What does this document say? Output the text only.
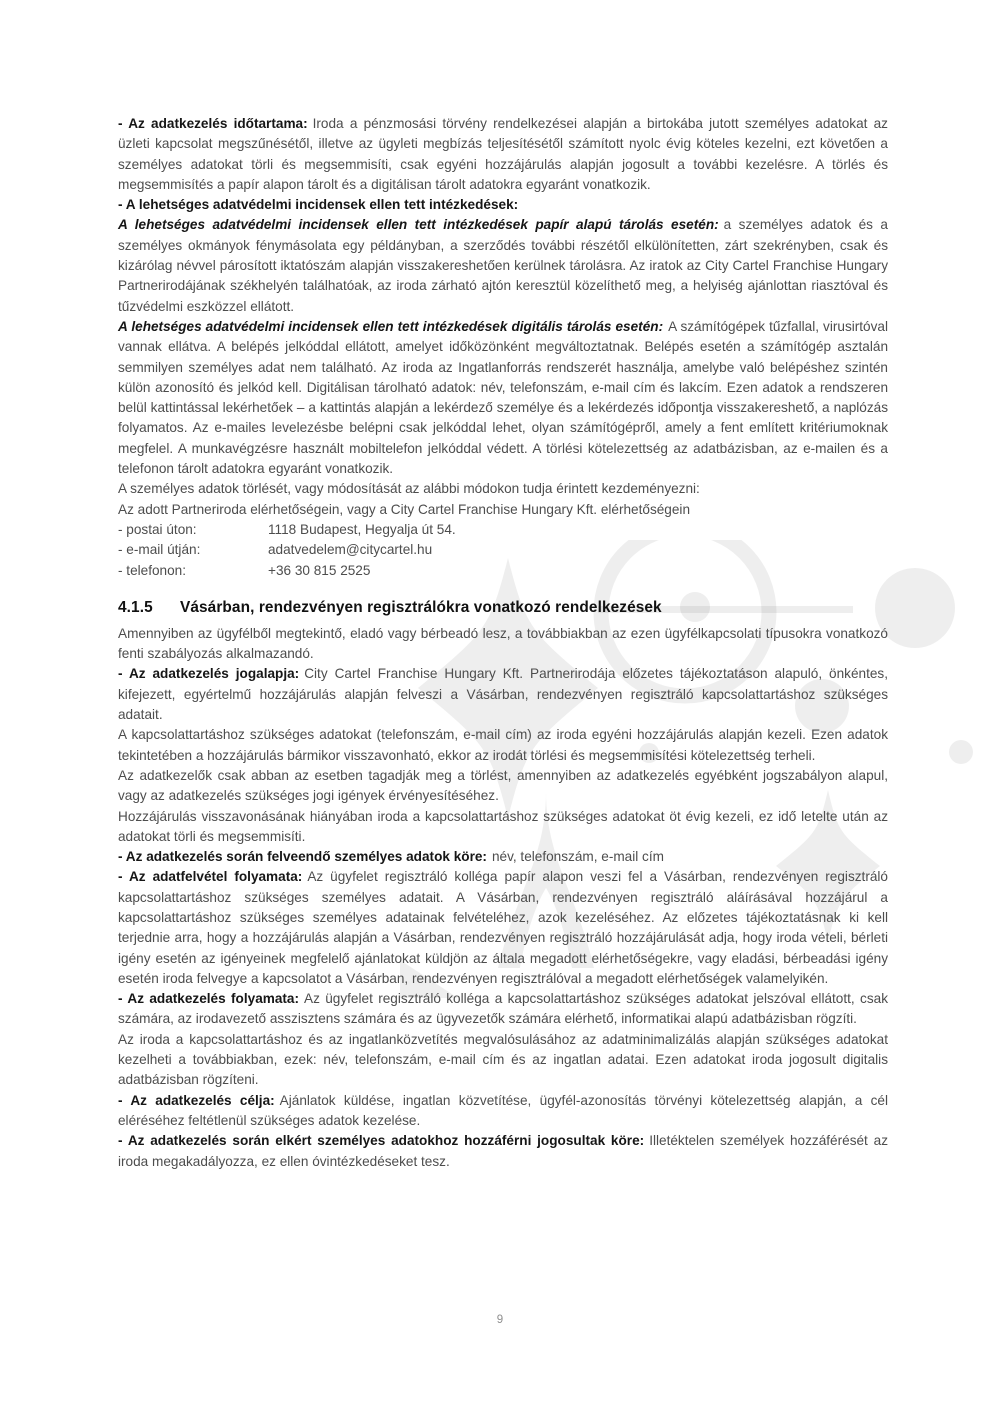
- Az adatkezelés időtartama: Iroda a pénzmosási törvény rendelkezései alapján a birtokába jutott személyes adatokat az üzleti kapcsolat megszűnésétől, illetve az ügyleti megbízás teljesítésétől számított nyolc évig köteles kezelni, ezt követően a személyes adatokat törli és megsemmisíti, csak egyéni hozzájárulás alapján jogosult a további kezelésre. A törlés és megsemmisítés a papír alapon tárolt és a digitálisan tárolt adatokra egyaránt vonatkozik.

- A lehetséges adatvédelmi incidensek ellen tett intézkedések:

A lehetséges adatvédelmi incidensek ellen tett intézkedések papír alapú tárolás esetén: a személyes adatok és a személyes okmányok fénymásolata egy példányban, a szerződés további részétől elkülönítetten, zárt szekrényben, csak és kizárólag névvel párosított iktatószám alapján visszakereshetően kerülnek tárolásra. Az iratok az City Cartel Franchise Hungary Partnerirodájának székhelyén találhatóak, az iroda zárható ajtón keresztül közelíthető meg, a helyiség ajánlottan riasztóval és tűzvédelmi eszközzel ellátott.

A lehetséges adatvédelmi incidensek ellen tett intézkedések digitális tárolás esetén: A számítógépek tűzfallal, virusirtóval vannak ellátva. A belépés jelkóddal ellátott, amelyet időközönként megváltoztatnak. Belépés esetén a számítógép asztalán semmilyen személyes adat nem található. Az iroda az Ingatlanforrás rendszerét használja, amelybe való belépéshez szintén külön azonosító és jelkód kell. Digitálisan tárolható adatok: név, telefonszám, e-mail cím és lakcím. Ezen adatok a rendszeren belül kattintással lekérhetőek – a kattintás alapján a lekérdező személye és a lekérdezés időpontja visszakereshető, a naplózás folyamatos. Az e-mailes levelezésbe belépni csak jelkóddal lehet, olyan számítógépről, amely a fent említett kritériumoknak megfelel. A munkavégzésre használt mobiltelefon jelkóddal védett. A törlési kötelezettség az adatbázisban, az e-mailen és a telefonon tárolt adatokra egyaránt vonatkozik.

A személyes adatok törlését, vagy módosítását az alábbi módokon tudja érintett kezdeményezni:

Az adott Partneriroda elérhetőségein, vagy a City Cartel Franchise Hungary Kft. elérhetőségein

- postai úton:	1118 Budapest, Hegyalja út 54.
- e-mail útján:	adatvedelem@citycartel.hu
- telefonon:	+36 30 815 2525

4.1.5 Vásárban, rendezvényen regisztrálókra vonatkozó rendelkezések

Amennyiben az ügyfélből megtekintő, eladó vagy bérbeadó lesz, a továbbiakban az ezen ügyfélkapcsolati típusokra vonatkozó fenti szabályozás alkalmazandó.

- Az adatkezelés jogalapja: City Cartel Franchise Hungary Kft. Partnerirodája előzetes tájékoztatáson alapuló, önkéntes, kifejezett, egyértelmű hozzájárulás alapján felveszi a Vásárban, rendezvényen regisztráló kapcsolattartáshoz szükséges adatait.

A kapcsolattartáshoz szükséges adatokat (telefonszám, e-mail cím) az iroda egyéni hozzájárulás alapján kezeli. Ezen adatok tekintetében a hozzájárulás bármikor visszavonható, ekkor az irodát törlési és megsemmisítési kötelezettség terheli.

Az adatkezelők csak abban az esetben tagadják meg a törlést, amennyiben az adatkezelés egyébként jogszabályon alapul, vagy az adatkezelés szükséges jogi igények érvényesítéséhez.

Hozzájárulás visszavonásának hiányában iroda a kapcsolattartáshoz szükséges adatokat öt évig kezeli, ez idő letelte után az adatokat törli és megsemmisíti.

- Az adatkezelés során felveendő személyes adatok köre: név, telefonszám, e-mail cím

- Az adatfelvétel folyamata: Az ügyfelet regisztráló kolléga papír alapon veszi fel a Vásárban, rendezvényen regisztráló kapcsolattartáshoz szükséges személyes adatait. A Vásárban, rendezvényen regisztráló aláírásával hozzájárul a kapcsolattartáshoz szükséges személyes adatainak felvételéhez, azok kezeléséhez. Az előzetes tájékoztatásnak ki kell terjednie arra, hogy a hozzájárulás alapján a Vásárban, rendezvényen regisztráló hozzájárulását adja, hogy iroda vételi, bérleti igény esetén az igényeinek megfelelő ajánlatokat küldjön az általa megadott elérhetőségekre, vagy eladási, bérbeadási igény esetén iroda felvegye a kapcsolatot a Vásárban, rendezvényen regisztrálóval a megadott elérhetőségek valamelyikén.

- Az adatkezelés folyamata: Az ügyfelet regisztráló kolléga a kapcsolattartáshoz szükséges adatokat jelszóval ellátott, csak számára, az irodavezető asszisztens számára és az ügyvezetők számára elérhető, informatikai alapú adatbázisban rögzíti.

Az iroda a kapcsolattartáshoz és az ingatlanközvetítés megvalósulásához az adatminimalizálás alapján szükséges adatokat kezelheti a továbbiakban, ezek: név, telefonszám, e-mail cím és az ingatlan adatai. Ezen adatokat iroda jogosult digitalis adatbázisban rögzíteni.

- Az adatkezelés célja: Ajánlatok küldése, ingatlan közvetítése, ügyfél-azonosítás törvényi kötelezettség alapján, a cél eléréséhez feltétlenül szükséges adatok kezelése.

- Az adatkezelés során elkért személyes adatokhoz hozzáférni jogosultak köre: Illetéktelen személyek hozzáférését az iroda megakadályozza, ez ellen óvintézkedéseket tesz.

9
